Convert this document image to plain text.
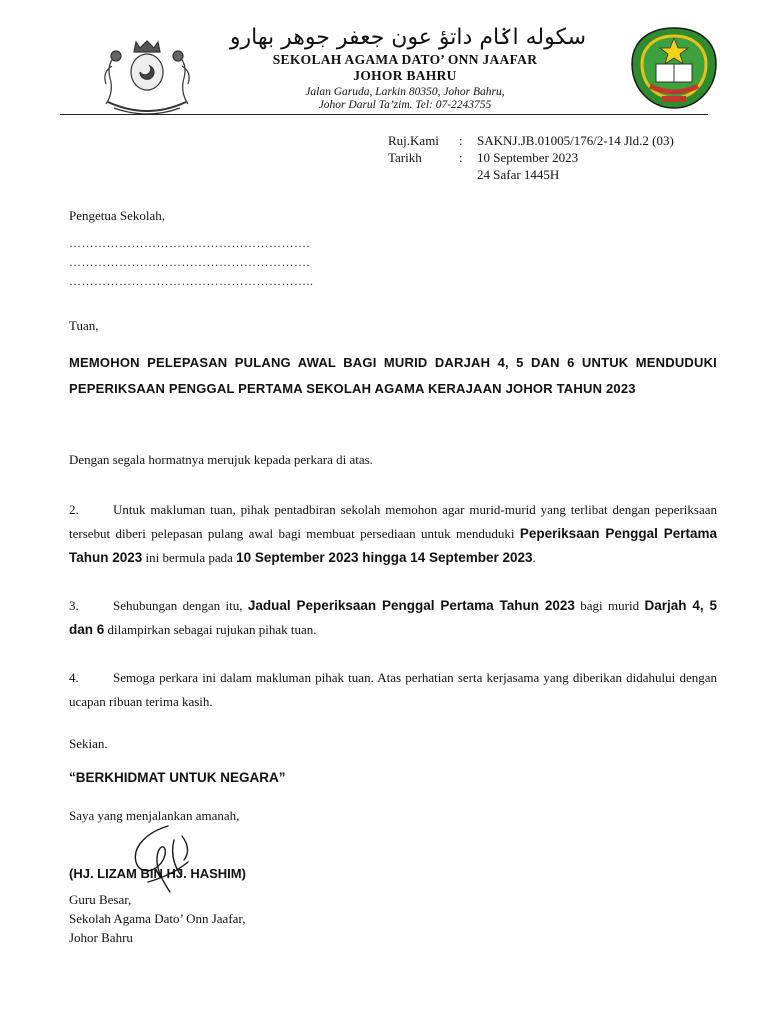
سکوله اݢام داتؤ عون جعفر جوهر بهارو
SEKOLAH AGAMA DATO’ ONN JAAFAR
JOHOR BAHRU
Jalan Garuda, Larkin 80350, Johor Bahru,
Johor Darul Ta’zim. Tel: 07-2243755
Ruj.Kami : SAKNJ.JB.01005/176/2-14 Jld.2 (03)
Tarikh	: 10 September 2023
24 Safar 1445H
Pengetua Sekolah,
………………………………………………….
………………………………………………….
…………………………………………………..
Tuan,
MEMOHON PELEPASAN PULANG AWAL BAGI MURID DARJAH 4, 5 DAN 6 UNTUK MENDUDUKI PEPERIKSAAN PENGGAL PERTAMA SEKOLAH AGAMA KERAJAAN JOHOR TAHUN 2023
Dengan segala hormatnya merujuk kepada perkara di atas.
2.	Untuk makluman tuan, pihak pentadbiran sekolah memohon agar murid-murid yang terlibat dengan peperiksaan tersebut diberi pelepasan pulang awal bagi membuat persediaan untuk menduduki Peperiksaan Penggal Pertama Tahun 2023 ini bermula pada 10 September 2023 hingga 14 September 2023.
3.	Sehubungan dengan itu, Jadual Peperiksaan Penggal Pertama Tahun 2023 bagi murid Darjah 4, 5 dan 6 dilampirkan sebagai rujukan pihak tuan.
4.	Semoga perkara ini dalam makluman pihak tuan. Atas perhatian serta kerjasama yang diberikan didahului dengan ucapan ribuan terima kasih.
Sekian.
“BERKHIDMAT UNTUK NEGARA”
Saya yang menjalankan amanah,
(HJ. LIZAM BIN HJ. HASHIM)
Guru Besar,
Sekolah Agama Dato’ Onn Jaafar,
Johor Bahru
